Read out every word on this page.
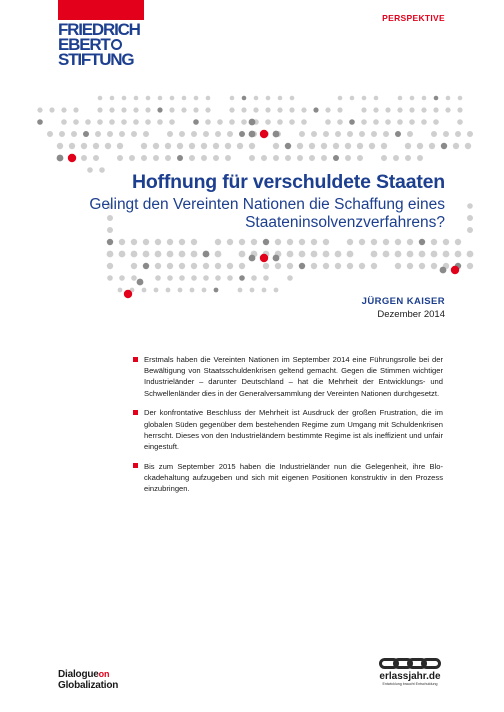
FRIEDRICH
EBERT
STIFTUNG
PERSPEKTIVE
Hoffnung für verschuldete Staaten
Gelingt den Vereinten Nationen die Schaffung eines Staateninsolvenzverfahrens?
JÜRGEN KAISER
Dezember 2014
Erstmals haben die Vereinten Nationen im September 2014 eine Führungsrolle bei der Bewältigung von Staatsschuldenkrisen geltend gemacht. Gegen die Stimmen wichtiger Industrieländer – darunter Deutschland – hat die Mehrheit der Entwicklungs- und Schwellenländer dies in der Generalversammlung der Vereinten Nationen durchgesetzt.
Der konfrontative Beschluss der Mehrheit ist Ausdruck der großen Frustration, die im globalen Süden gegenüber dem bestehenden Regime zum Umgang mit Schuldenkrisen herrscht. Dieses von den Industrieländern bestimmte Regime ist als ineffizient und unfair eingestuft.
Bis zum September 2015 haben die Industrieländer nun die Gelegenheit, ihre Blockadehaltung aufzugeben und sich mit eigenen Positionen konstruktiv in den Prozess einzubringen.
Dialogueon
Globalization
erlassjahr.de
Entwicklung braucht Entschuldung
